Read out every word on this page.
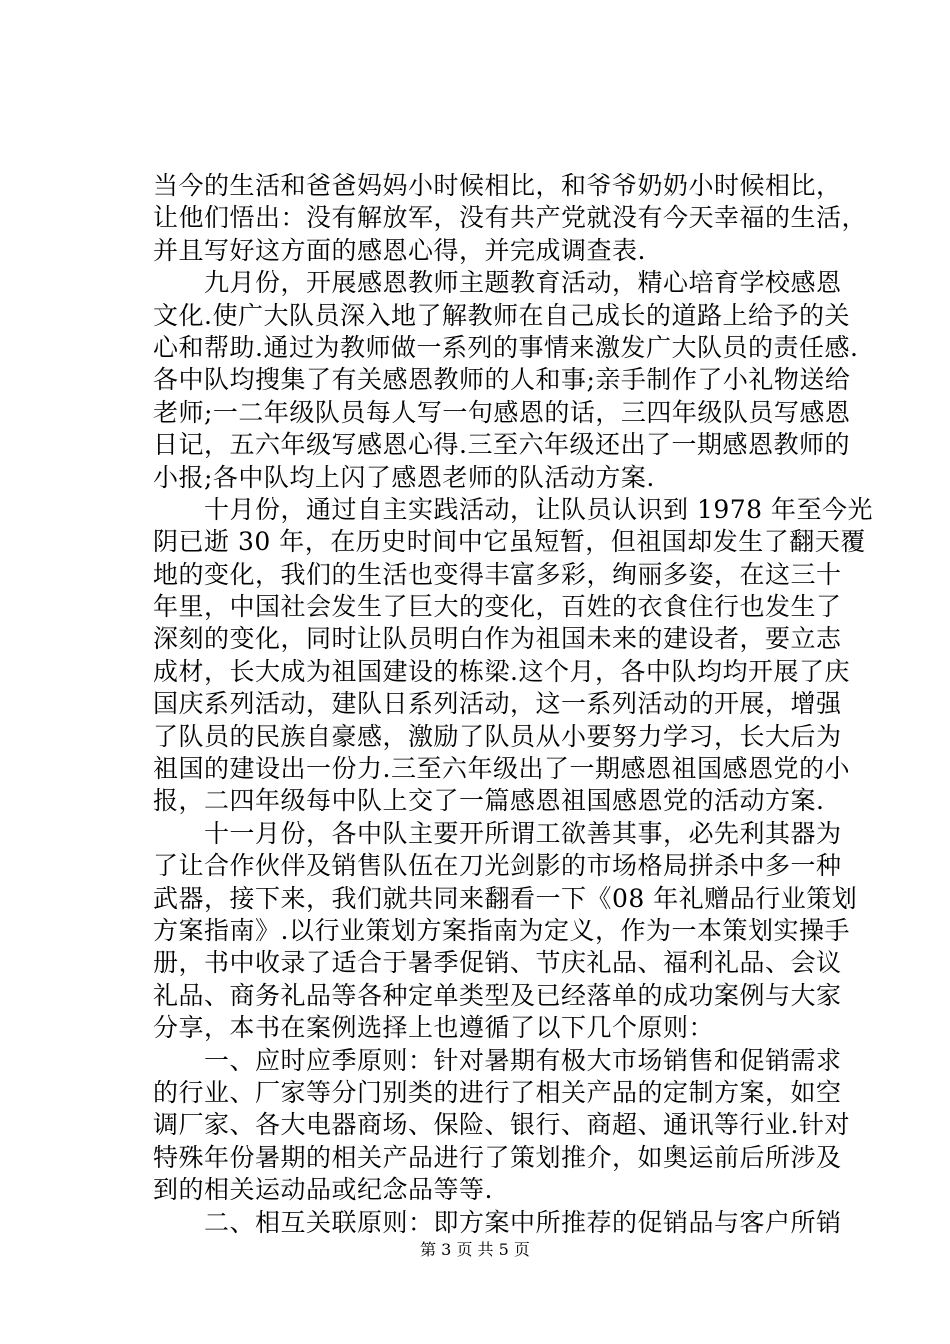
当今的生活和爸爸妈妈小时候相比，和爷爷奶奶小时候相比，
让他们悟出：没有解放军，没有共产党就没有今天幸福的生活，
并且写好这方面的感恩心得，并完成调查表.
　　九月份，开展感恩教师主题教育活动，精心培育学校感恩
文化.使广大队员深入地了解教师在自己成长的道路上给予的关
心和帮助.通过为教师做一系列的事情来激发广大队员的责任感.
各中队均搜集了有关感恩教师的人和事;亲手制作了小礼物送给
老师;一二年级队员每人写一句感恩的话，三四年级队员写感恩
日记，五六年级写感恩心得.三至六年级还出了一期感恩教师的
小报;各中队均上闪了感恩老师的队活动方案.
　　十月份，通过自主实践活动，让队员认识到 1978 年至今光
阴已逝 30 年，在历史时间中它虽短暂，但祖国却发生了翻天覆
地的变化，我们的生活也变得丰富多彩，绚丽多姿，在这三十
年里，中国社会发生了巨大的变化，百姓的衣食住行也发生了
深刻的变化，同时让队员明白作为祖国未来的建设者，要立志
成材，长大成为祖国建设的栋梁.这个月，各中队均均开展了庆
国庆系列活动，建队日系列活动，这一系列活动的开展，增强
了队员的民族自豪感，激励了队员从小要努力学习，长大后为
祖国的建设出一份力.三至六年级出了一期感恩祖国感恩党的小
报，二四年级每中队上交了一篇感恩祖国感恩党的活动方案.
　　十一月份，各中队主要开所谓工欲善其事，必先利其器为
了让合作伙伴及销售队伍在刀光剑影的市场格局拼杀中多一种
武器，接下来，我们就共同来翻看一下《08 年礼赠品行业策划
方案指南》.以行业策划方案指南为定义，作为一本策划实操手
册，书中收录了适合于暑季促销、节庆礼品、福利礼品、会议
礼品、商务礼品等各种定单类型及已经落单的成功案例与大家
分享，本书在案例选择上也遵循了以下几个原则：
　　一、应时应季原则：针对暑期有极大市场销售和促销需求
的行业、厂家等分门别类的进行了相关产品的定制方案，如空
调厂家、各大电器商场、保险、银行、商超、通讯等行业.针对
特殊年份暑期的相关产品进行了策划推介，如奥运前后所涉及
到的相关运动品或纪念品等等.
　　二、相互关联原则：即方案中所推荐的促销品与客户所销
第 3 页 共 5 页
